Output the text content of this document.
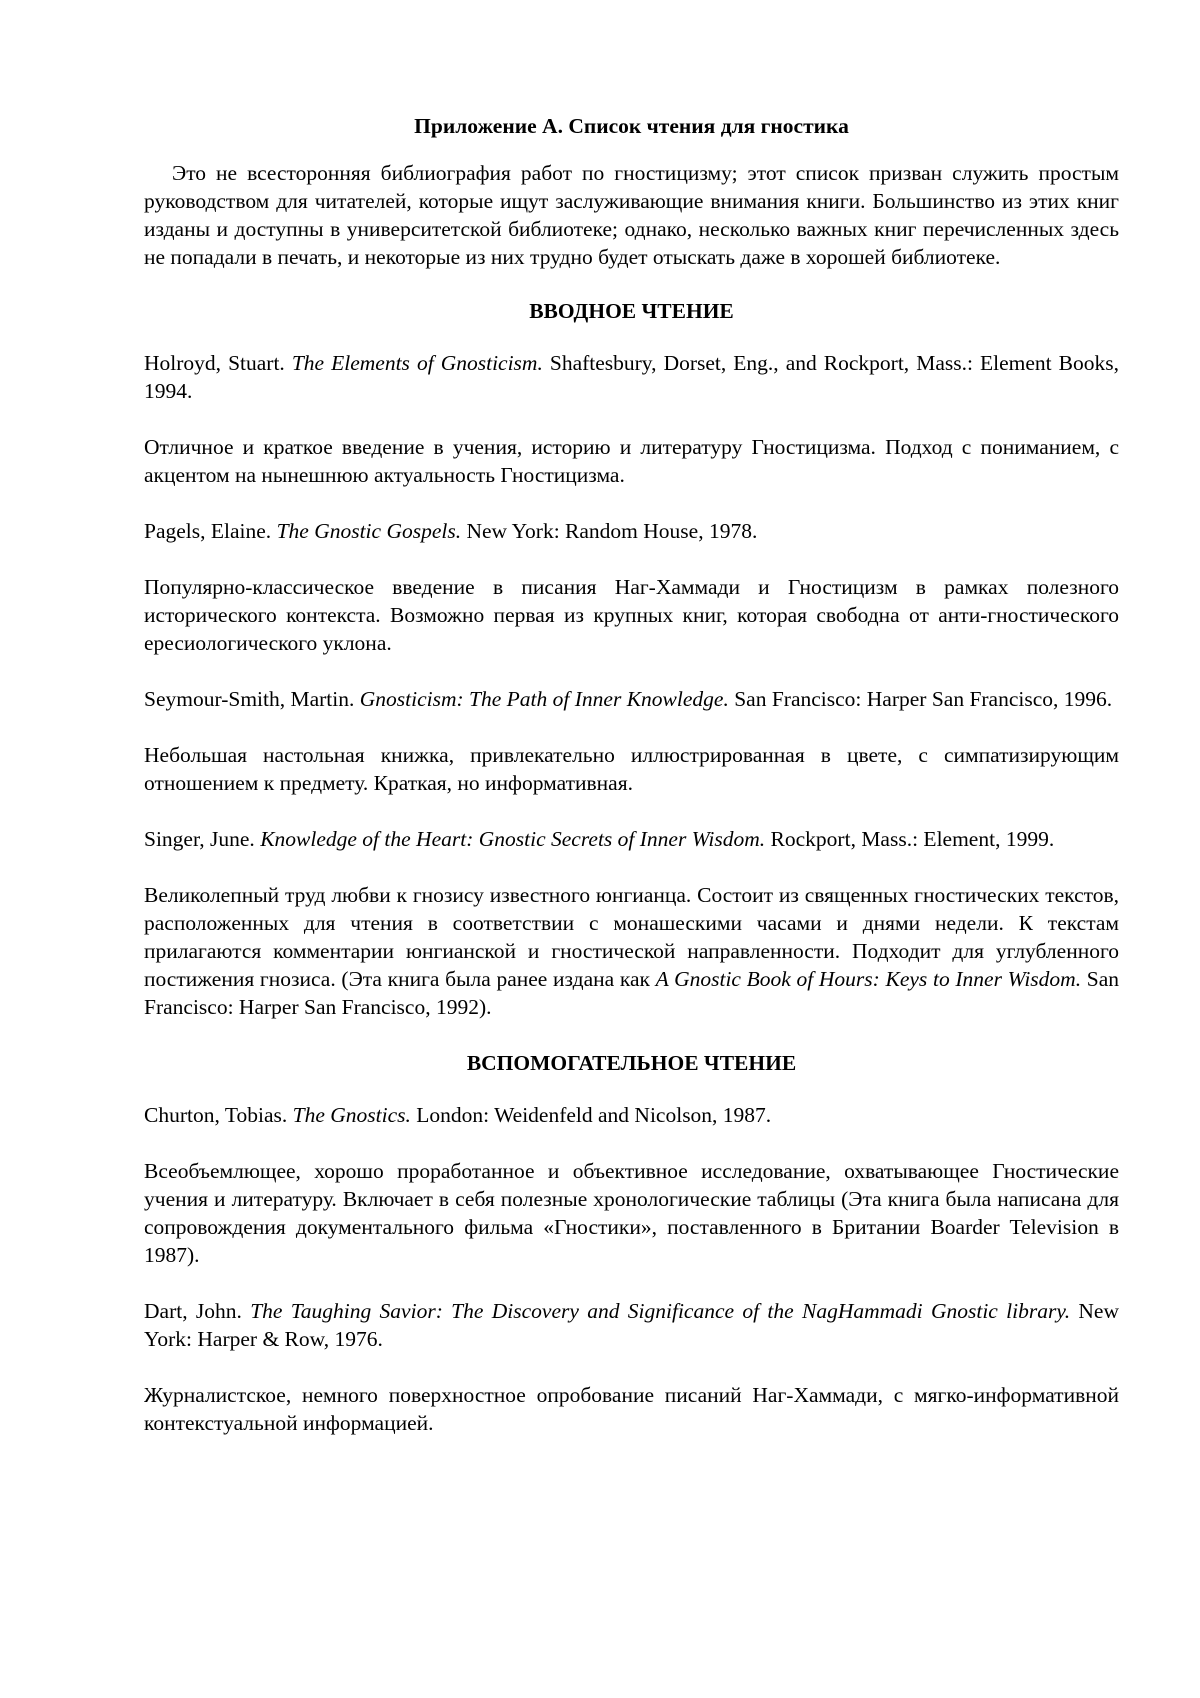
Приложение А. Список чтения для гностика

Это не всесторонняя библиография работ по гностицизму; этот список призван служить простым руководством для читателей, которые ищут заслуживающие внимания книги. Большинство из этих книг изданы и доступны в университетской библиотеке; однако, несколько важных книг перечисленных здесь не попадали в печать, и некоторые из них трудно будет отыскать даже в хорошей библиотеке.

ВВОДНОЕ ЧТЕНИЕ

Holroyd, Stuart. The Elements of Gnosticism. Shaftesbury, Dorset, Eng., and Rockport, Mass.: Element Books, 1994.

Отличное и краткое введение в учения, историю и литературу Гностицизма. Подход с пониманием, с акцентом на нынешнюю актуальность Гностицизма.

Pagels, Elaine. The Gnostic Gospels. New York: Random House, 1978.

Популярно-классическое введение в писания Наг-Хаммади и Гностицизм в рамках полезного исторического контекста. Возможно первая из крупных книг, которая свободна от анти-гностического ересиологического уклона.

Seymour-Smith, Martin. Gnosticism: The Path of Inner Knowledge. San Francisco: Harper San Francisco, 1996.

Небольшая настольная книжка, привлекательно иллюстрированная в цвете, с симпатизирующим отношением к предмету. Краткая, но информативная.

Singer, June. Knowledge of the Heart: Gnostic Secrets of Inner Wisdom. Rockport, Mass.: Element, 1999.

Великолепный труд любви к гнозису известного юнгианца. Состоит из священных гностических текстов, расположенных для чтения в соответствии с монашескими часами и днями недели. К текстам прилагаются комментарии юнгианской и гностической направленности. Подходит для углубленного постижения гнозиса. (Эта книга была ранее издана как A Gnostic Book of Hours: Keys to Inner Wisdom. San Francisco: Harper San Francisco, 1992).

ВСПОМОГАТЕЛЬНОЕ ЧТЕНИЕ

Churton, Tobias. The Gnostics. London: Weidenfeld and Nicolson, 1987.

Всеобъемлющее, хорошо проработанное и объективное исследование, охватывающее Гностические учения и литературу. Включает в себя полезные хронологические таблицы (Эта книга была написана для сопровождения документального фильма «Гностики», поставленного в Британии Boarder Television в 1987).

Dart, John. The Taughing Savior: The Discovery and Significance of the NagHammadi Gnostic library. New York: Harper & Row, 1976.

Журналистское, немного поверхностное опробование писаний Наг-Хаммади, с мягко-информативной контекстуальной информацией.
